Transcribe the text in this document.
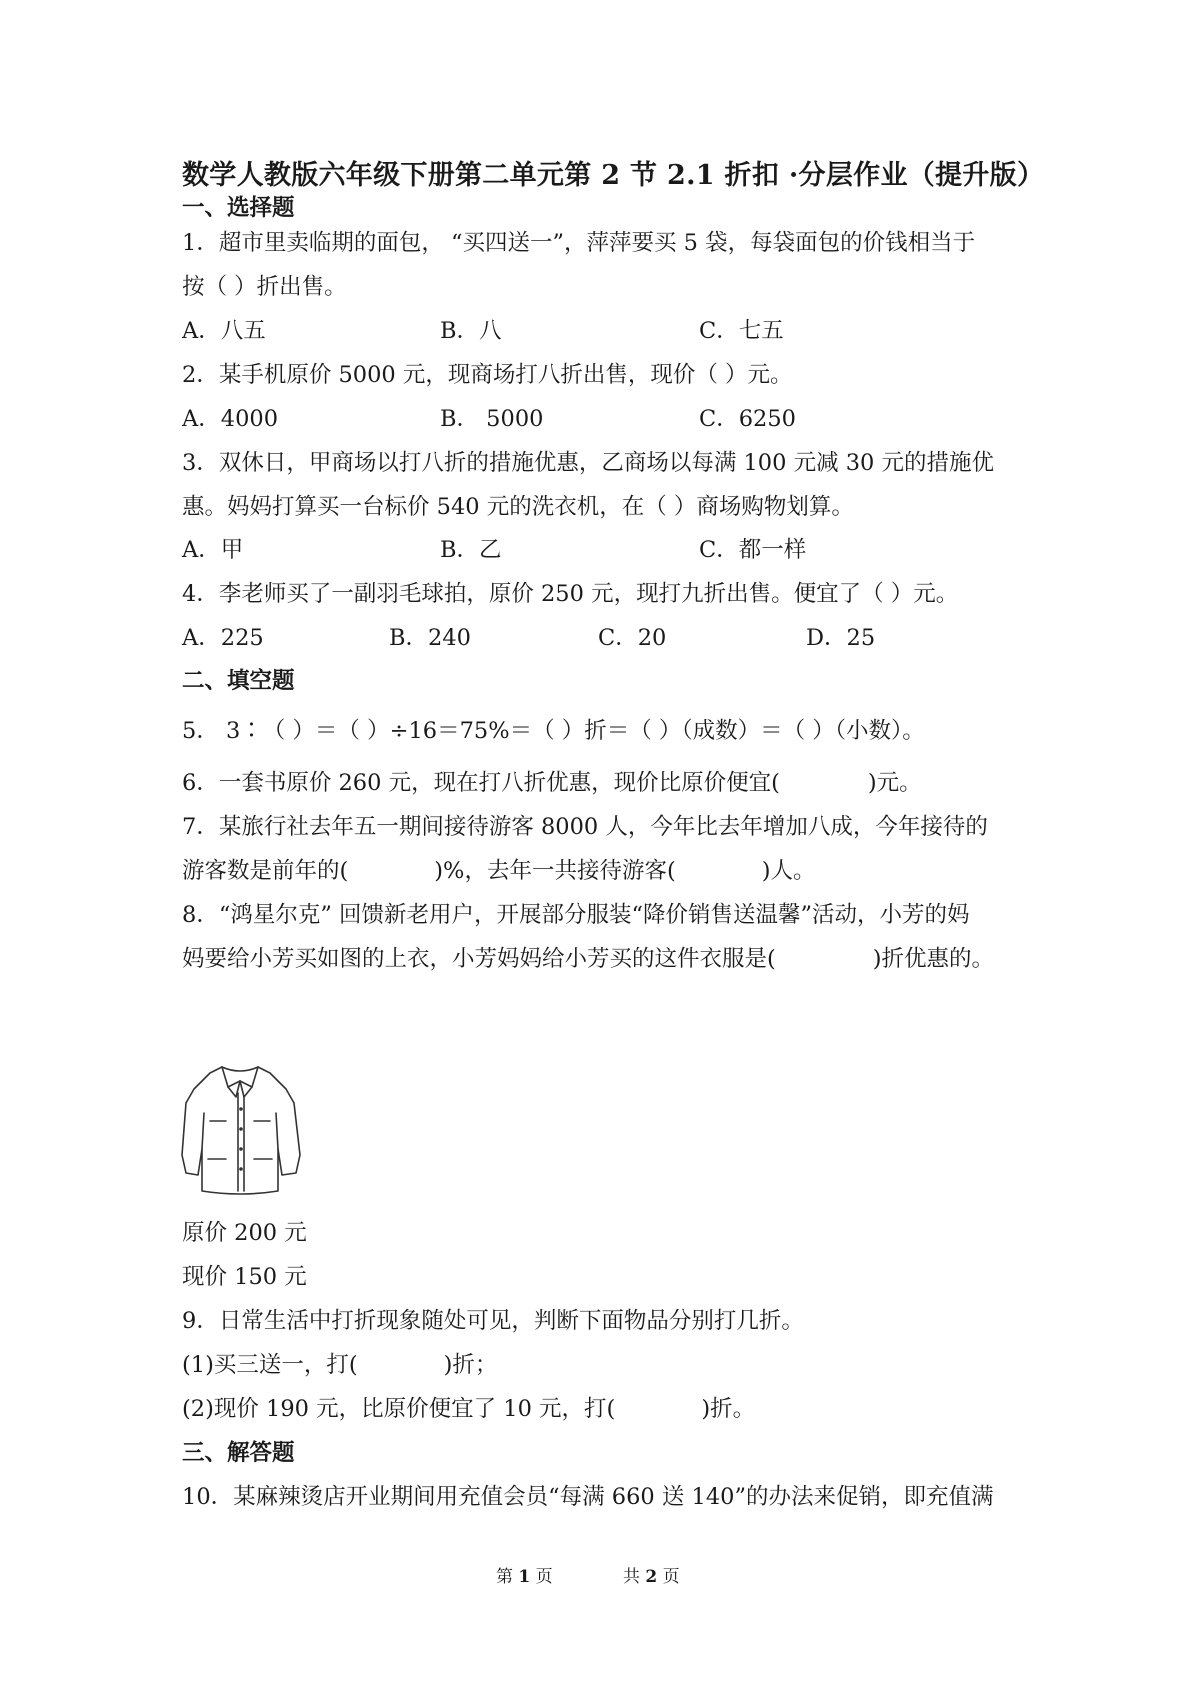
数学人教版六年级下册第二单元第 2 节 2.1 折扣 ·分层作业（提升版）
一、选择题
1．超市里卖临期的面包， “买四送一”，萍萍要买 5 袋，每袋面包的价钱相当于
按（ ）折出售。
A．八五	B．八	C．七五
2．某手机原价 5000 元，现商场打八折出售，现价（ ）元。
A．4000	B． 5000	C．6250
3．双休日，甲商场以打八折的措施优惠，乙商场以每满 100 元减 30 元的措施优
惠。妈妈打算买一台标价 540 元的洗衣机，在（ ）商场购物划算。
A．甲	B．乙	C．都一样
4．李老师买了一副羽毛球拍，原价 250 元，现打九折出售。便宜了（ ）元。
A．225	B．240	C．20	D．25
二、填空题
5． 3∶（ ）＝（ ）÷16＝75%＝（ ）折＝（ ）（成数）＝（ ）（小数）。
6．一套书原价 260 元，现在打八折优惠，现价比原价便宜(	)元。
7．某旅行社去年五一期间接待游客 8000 人，今年比去年增加八成，今年接待的
游客数是前年的(	)%，去年一共接待游客(	)人。
8．“鸿星尔克” 回馈新老用户，开展部分服装“降价销售送温馨”活动，小芳的妈
妈要给小芳买如图的上衣，小芳妈妈给小芳买的这件衣服是(	)折优惠的。
原价 200 元
现价 150 元
9．日常生活中打折现象随处可见，判断下面物品分别打几折。
(1)买三送一，打(	)折；
(2)现价 190 元，比原价便宜了 10 元，打(	)折。
三、解答题
10．某麻辣烫店开业期间用充值会员“每满 660 送 140”的办法来促销，即充值满
第 1 页	共 2 页
